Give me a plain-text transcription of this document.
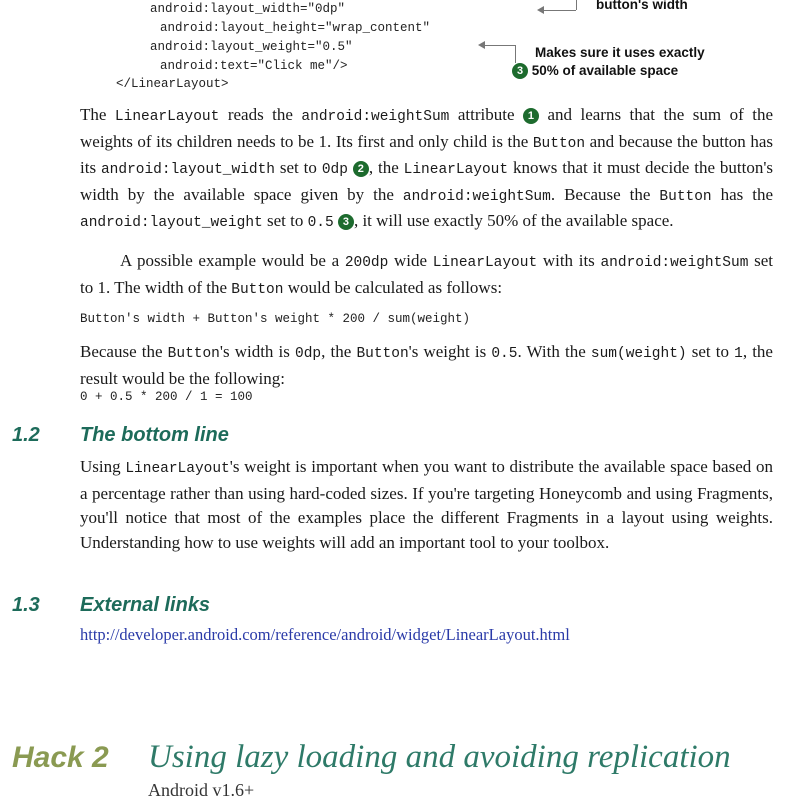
android:layout_width="0dp"
android:layout_height="wrap_content"
android:layout_weight="0.5"
android:text="Click me"/>
</LinearLayout>
button's width
Makes sure it uses exactly
3 50% of available space
The LinearLayout reads the android:weightSum attribute 1 and learns that the sum of the weights of its children needs to be 1. Its first and only child is the Button and because the button has its android:layout_width set to 0dp 2 , the LinearLayout knows that it must decide the button's width by the available space given by the android:weightSum. Because the Button has the android:layout_weight set to 0.5 3 , it will use exactly 50% of the available space.
A possible example would be a 200dp wide LinearLayout with its android:weightSum set to 1. The width of the Button would be calculated as follows:
Button's width + Button's weight * 200 / sum(weight)
Because the Button's width is 0dp, the Button's weight is 0.5. With the sum(weight) set to 1, the result would be the following:
0 + 0.5 * 200 / 1 = 100
1.2 The bottom line
Using LinearLayout's weight is important when you want to distribute the available space based on a percentage rather than using hard-coded sizes. If you're targeting Honeycomb and using Fragments, you'll notice that most of the examples place the different Fragments in a layout using weights. Understanding how to use weights will add an important tool to your toolbox.
1.3 External links
http://developer.android.com/reference/android/widget/LinearLayout.html
Hack 2 Using lazy loading and avoiding replication
Android v1.6+
